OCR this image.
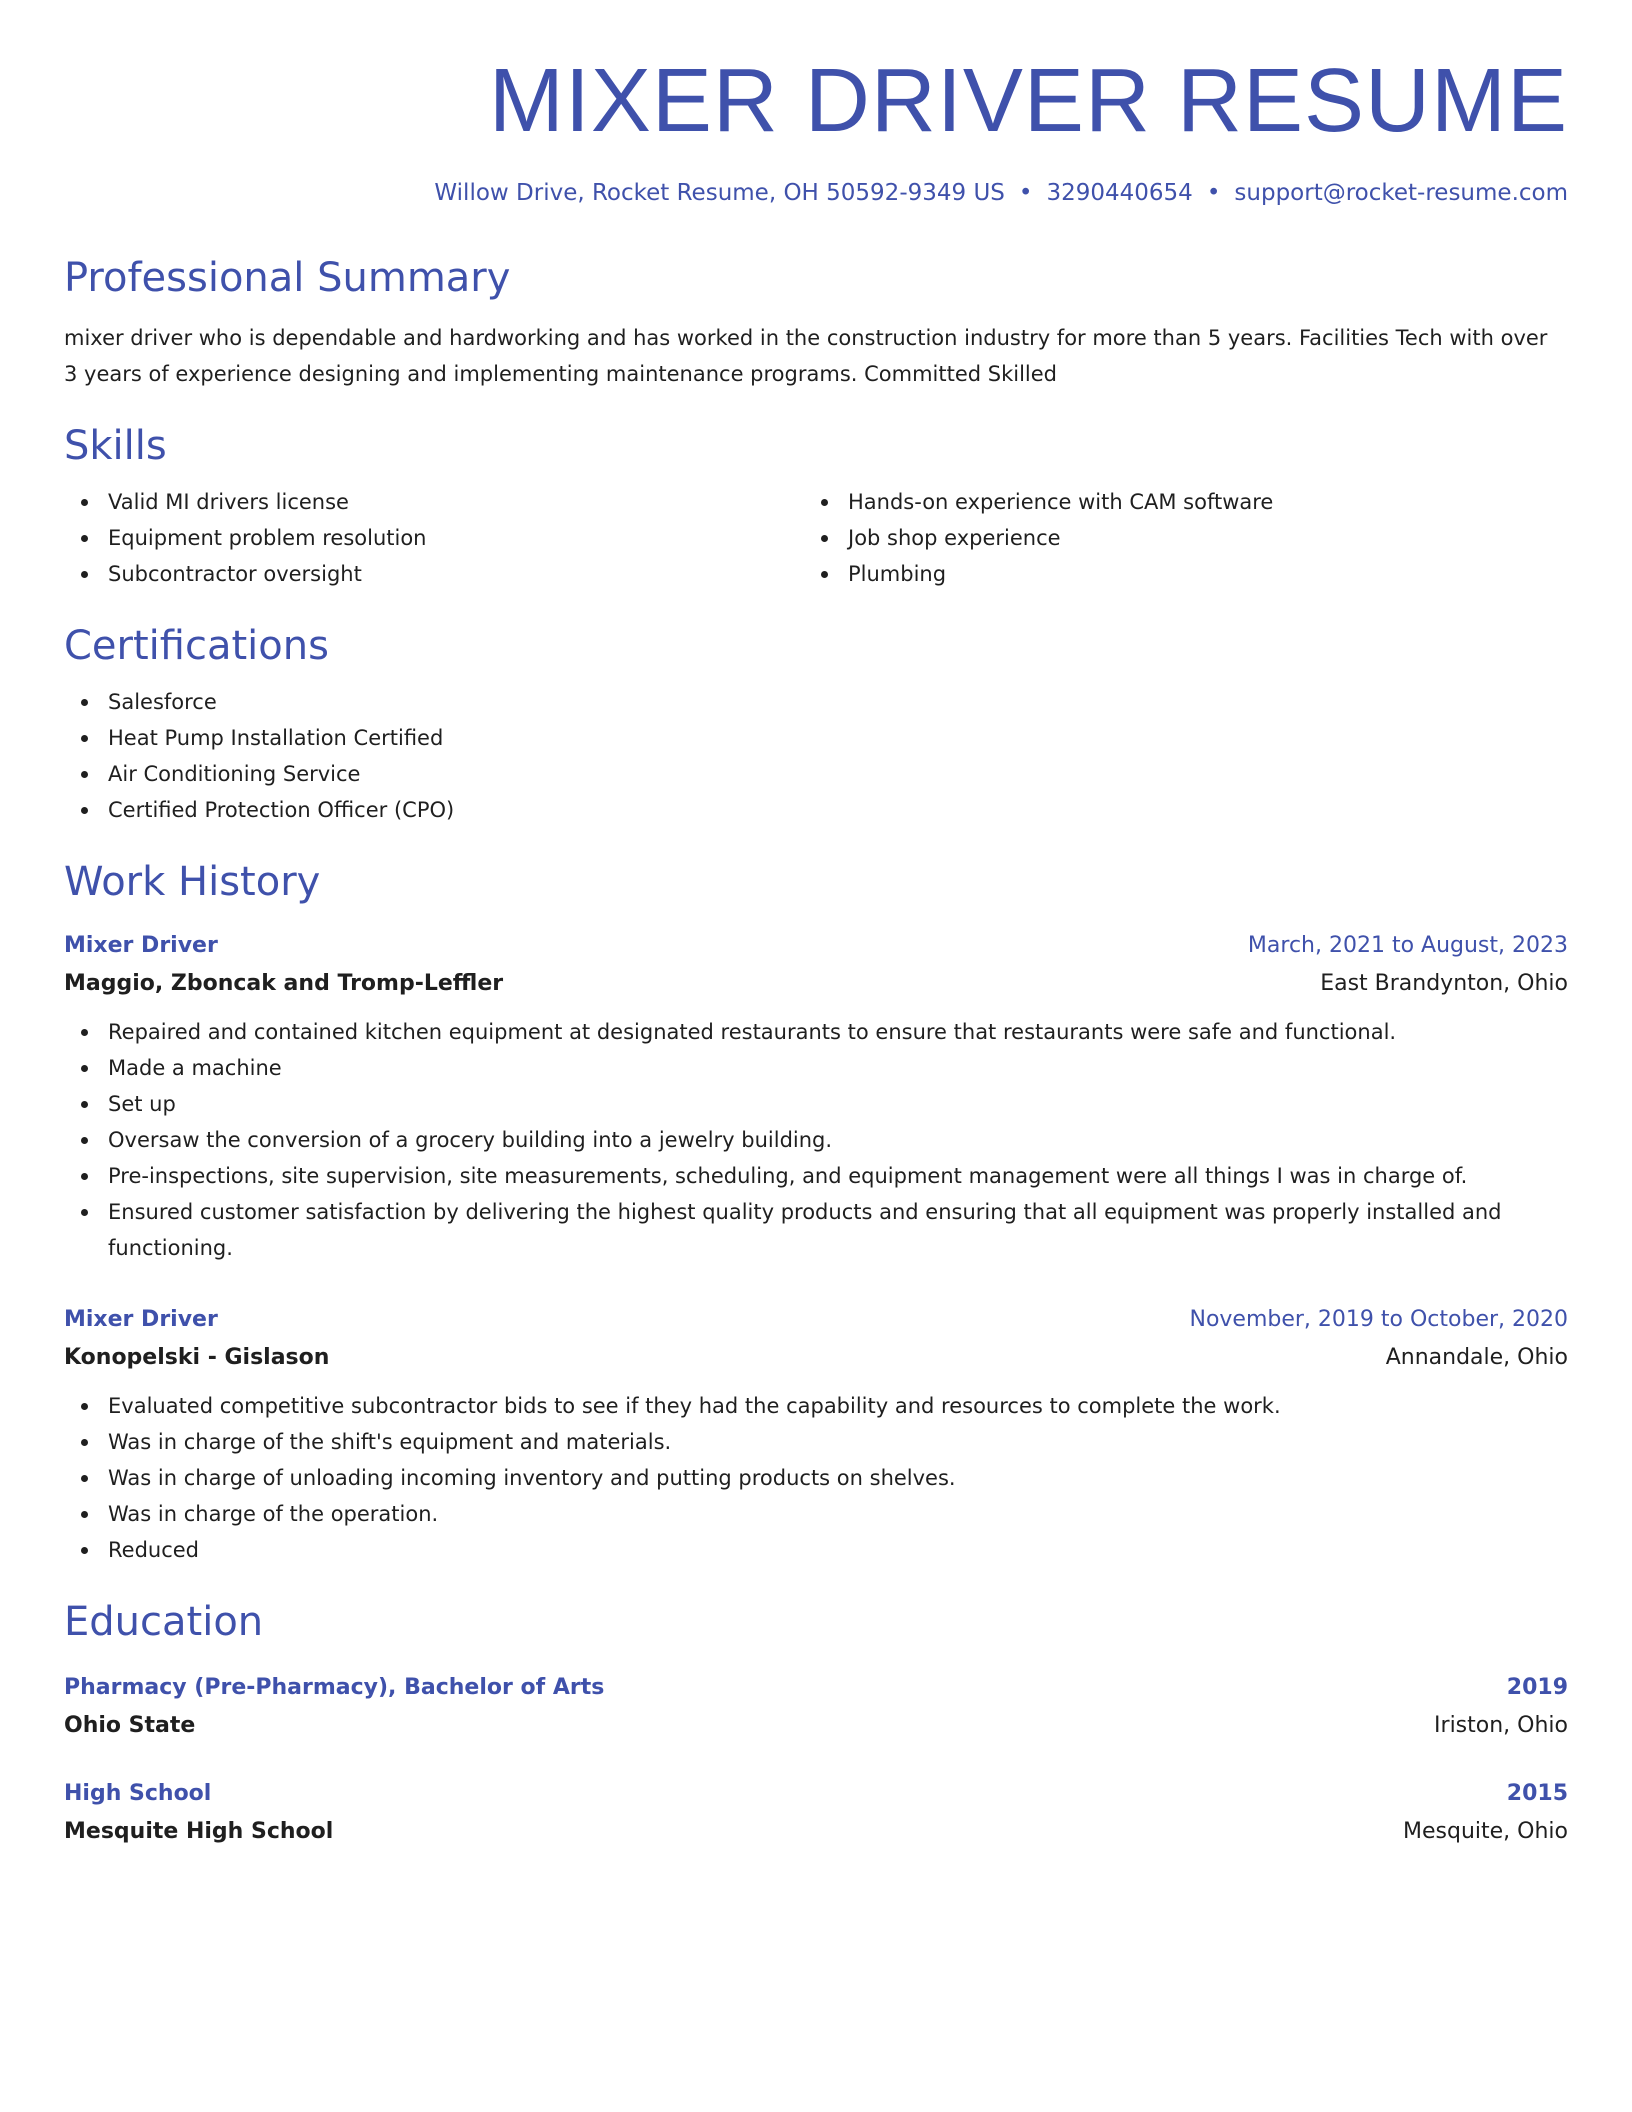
MIXER DRIVER RESUME
Willow Drive, Rocket Resume, OH 50592-9349 US • 3290440654 • support@rocket-resume.com
Professional Summary
mixer driver who is dependable and hardworking and has worked in the construction industry for more than 5 years. Facilities Tech with over 3 years of experience designing and implementing maintenance programs. Committed Skilled
Skills
Valid MI drivers license
Equipment problem resolution
Subcontractor oversight
Hands-on experience with CAM software
Job shop experience
Plumbing
Certifications
Salesforce
Heat Pump Installation Certified
Air Conditioning Service
Certified Protection Officer (CPO)
Work History
Mixer Driver	March, 2021 to August, 2023
Maggio, Zboncak and Tromp-Leffler	East Brandynton, Ohio
Repaired and contained kitchen equipment at designated restaurants to ensure that restaurants were safe and functional.
Made a machine
Set up
Oversaw the conversion of a grocery building into a jewelry building.
Pre-inspections, site supervision, site measurements, scheduling, and equipment management were all things I was in charge of.
Ensured customer satisfaction by delivering the highest quality products and ensuring that all equipment was properly installed and functioning.
Mixer Driver	November, 2019 to October, 2020
Konopelski - Gislason	Annandale, Ohio
Evaluated competitive subcontractor bids to see if they had the capability and resources to complete the work.
Was in charge of the shift's equipment and materials.
Was in charge of unloading incoming inventory and putting products on shelves.
Was in charge of the operation.
Reduced
Education
Pharmacy (Pre-Pharmacy), Bachelor of Arts	2019
Ohio State	Iriston, Ohio
High School	2015
Mesquite High School	Mesquite, Ohio
